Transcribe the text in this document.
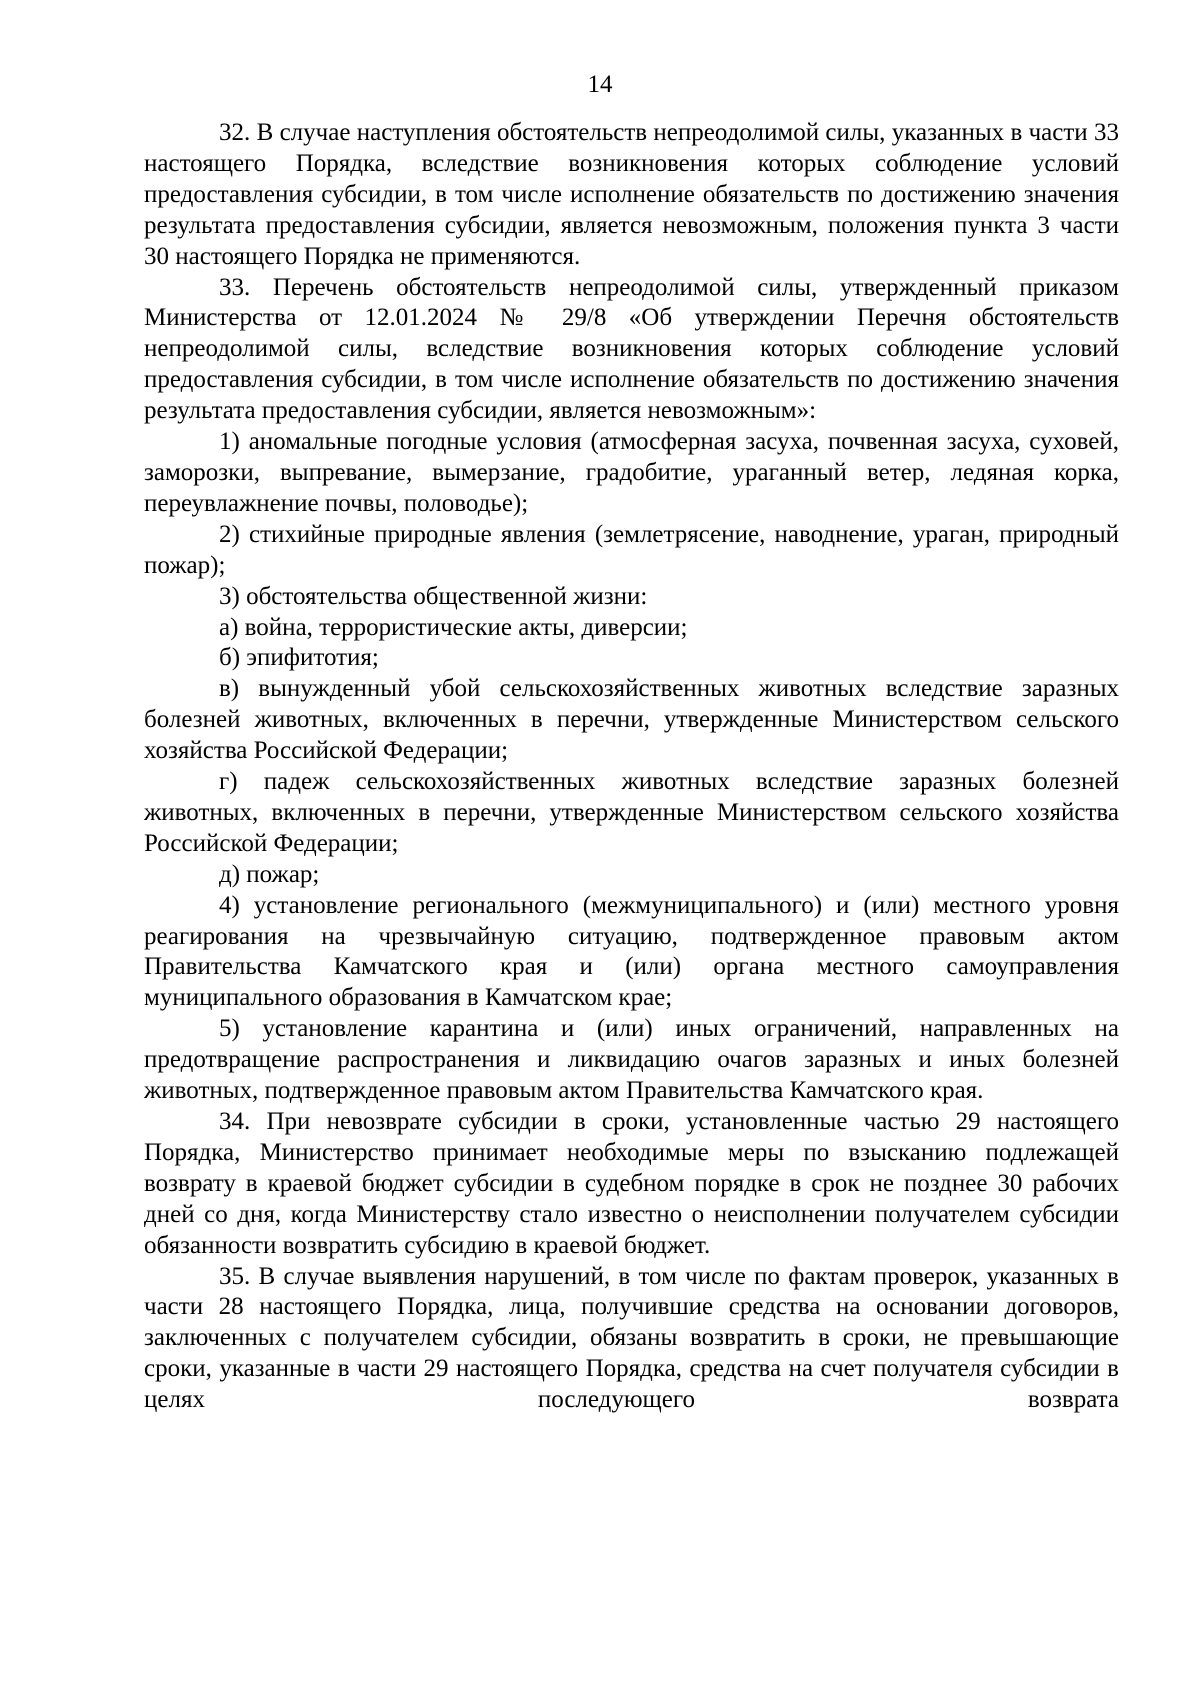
14

32. В случае наступления обстоятельств непреодолимой силы, указанных в части 33 настоящего Порядка, вследствие возникновения которых соблюдение условий предоставления субсидии, в том числе исполнение обязательств по достижению значения результата предоставления субсидии, является невозможным, положения пункта 3 части 30 настоящего Порядка не применяются.

33. Перечень обстоятельств непреодолимой силы, утвержденный приказом Министерства от 12.01.2024 № 29/8 «Об утверждении Перечня обстоятельств непреодолимой силы, вследствие возникновения которых соблюдение условий предоставления субсидии, в том числе исполнение обязательств по достижению значения результата предоставления субсидии, является невозможным»:

1) аномальные погодные условия (атмосферная засуха, почвенная засуха, суховей, заморозки, выпревание, вымерзание, градобитие, ураганный ветер, ледяная корка, переувлажнение почвы, половодье);

2) стихийные природные явления (землетрясение, наводнение, ураган, природный пожар);

3) обстоятельства общественной жизни:

а) война, террористические акты, диверсии;

б) эпифитотия;

в) вынужденный убой сельскохозяйственных животных вследствие заразных болезней животных, включенных в перечни, утвержденные Министерством сельского хозяйства Российской Федерации;

г) падеж сельскохозяйственных животных вследствие заразных болезней животных, включенных в перечни, утвержденные Министерством сельского хозяйства Российской Федерации;

д) пожар;

4) установление регионального (межмуниципального) и (или) местного уровня реагирования на чрезвычайную ситуацию, подтвержденное правовым актом Правительства Камчатского края и (или) органа местного самоуправления муниципального образования в Камчатском крае;

5) установление карантина и (или) иных ограничений, направленных на предотвращение распространения и ликвидацию очагов заразных и иных болезней животных, подтвержденное правовым актом Правительства Камчатского края.

34. При невозврате субсидии в сроки, установленные частью 29 настоящего Порядка, Министерство принимает необходимые меры по взысканию подлежащей возврату в краевой бюджет субсидии в судебном порядке в срок не позднее 30 рабочих дней со дня, когда Министерству стало известно о неисполнении получателем субсидии обязанности возвратить субсидию в краевой бюджет.

35. В случае выявления нарушений, в том числе по фактам проверок, указанных в части 28 настоящего Порядка, лица, получившие средства на основании договоров, заключенных с получателем субсидии, обязаны возвратить в сроки, не превышающие сроки, указанные в части 29 настоящего Порядка, средства на счет получателя субсидии в целях последующего возврата
